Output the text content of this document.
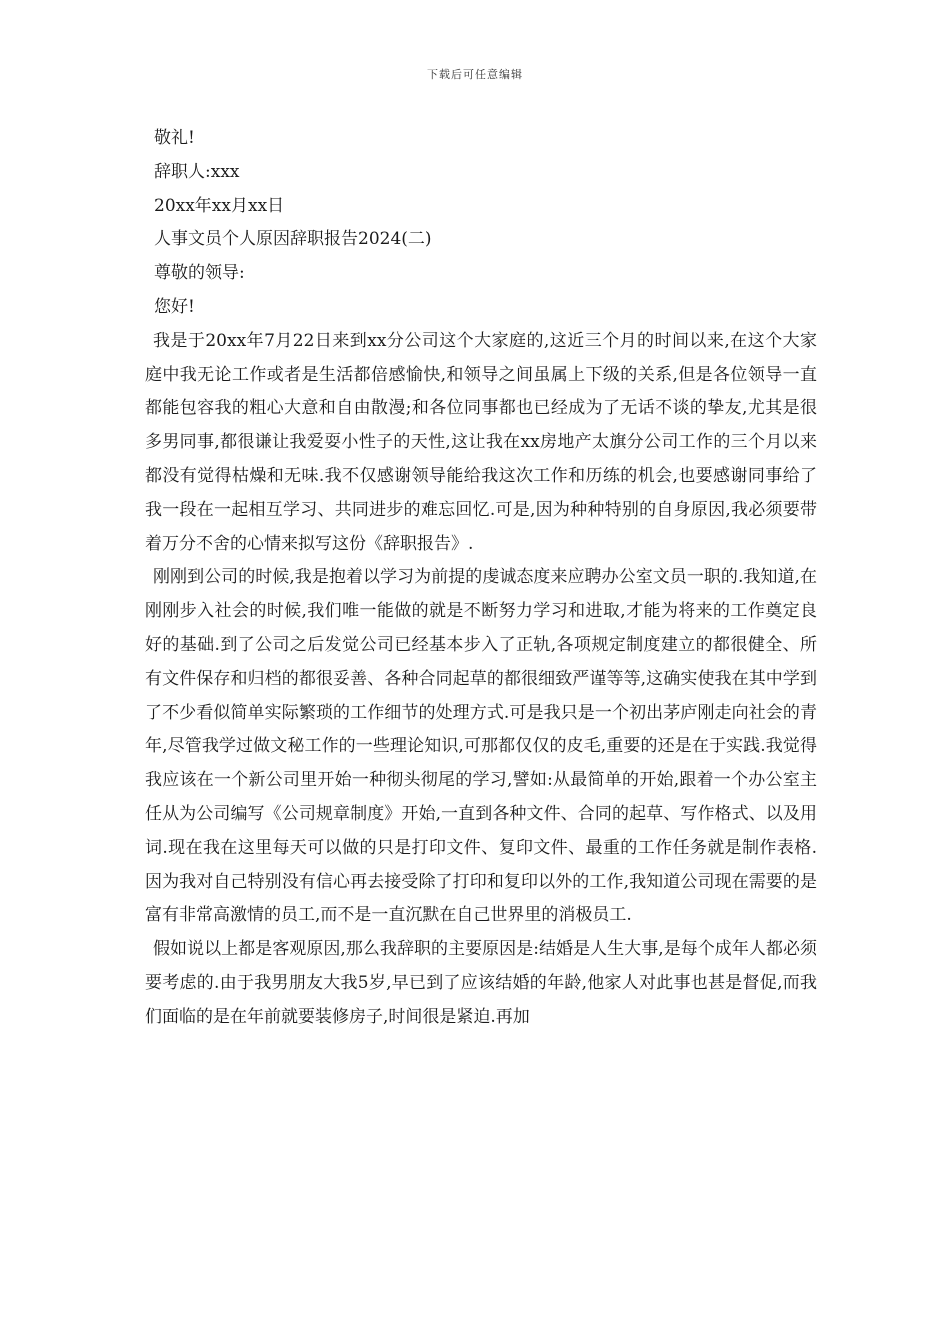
下载后可任意编辑

敬礼!

辞职人:xxx

20xx年xx月xx日

人事文员个人原因辞职报告2024(二)

尊敬的领导:

您好!

我是于20xx年7月22日来到xx分公司这个大家庭的,这近三个月的时间以来,在这个大家庭中我无论工作或者是生活都倍感愉快,和领导之间虽属上下级的关系,但是各位领导一直都能包容我的粗心大意和自由散漫;和各位同事都也已经成为了无话不谈的挚友,尤其是很多男同事,都很谦让我爱耍小性子的天性,这让我在xx房地产太旗分公司工作的三个月以来都没有觉得枯燥和无味.我不仅感谢领导能给我这次工作和历练的机会,也要感谢同事给了我一段在一起相互学习、共同进步的难忘回忆.可是,因为种种特别的自身原因,我必须要带着万分不舍的心情来拟写这份《辞职报告》.

刚刚到公司的时候,我是抱着以学习为前提的虔诚态度来应聘办公室文员一职的.我知道,在刚刚步入社会的时候,我们唯一能做的就是不断努力学习和进取,才能为将来的工作奠定良好的基础.到了公司之后发觉公司已经基本步入了正轨,各项规定制度建立的都很健全、所有文件保存和归档的都很妥善、各种合同起草的都很细致严谨等等,这确实使我在其中学到了不少看似简单实际繁琐的工作细节的处理方式.可是我只是一个初出茅庐刚走向社会的青年,尽管我学过做文秘工作的一些理论知识,可那都仅仅的皮毛,重要的还是在于实践.我觉得我应该在一个新公司里开始一种彻头彻尾的学习,譬如:从最简单的开始,跟着一个办公室主任从为公司编写《公司规章制度》开始,一直到各种文件、合同的起草、写作格式、以及用词.现在我在这里每天可以做的只是打印文件、复印文件、最重的工作任务就是制作表格.因为我对自己特别没有信心再去接受除了打印和复印以外的工作,我知道公司现在需要的是富有非常高激情的员工,而不是一直沉默在自己世界里的消极员工.

假如说以上都是客观原因,那么我辞职的主要原因是:结婚是人生大事,是每个成年人都必须要考虑的.由于我男朋友大我5岁,早已到了应该结婚的年龄,他家人对此事也甚是督促,而我们面临的是在年前就要装修房子,时间很是紧迫.再加
